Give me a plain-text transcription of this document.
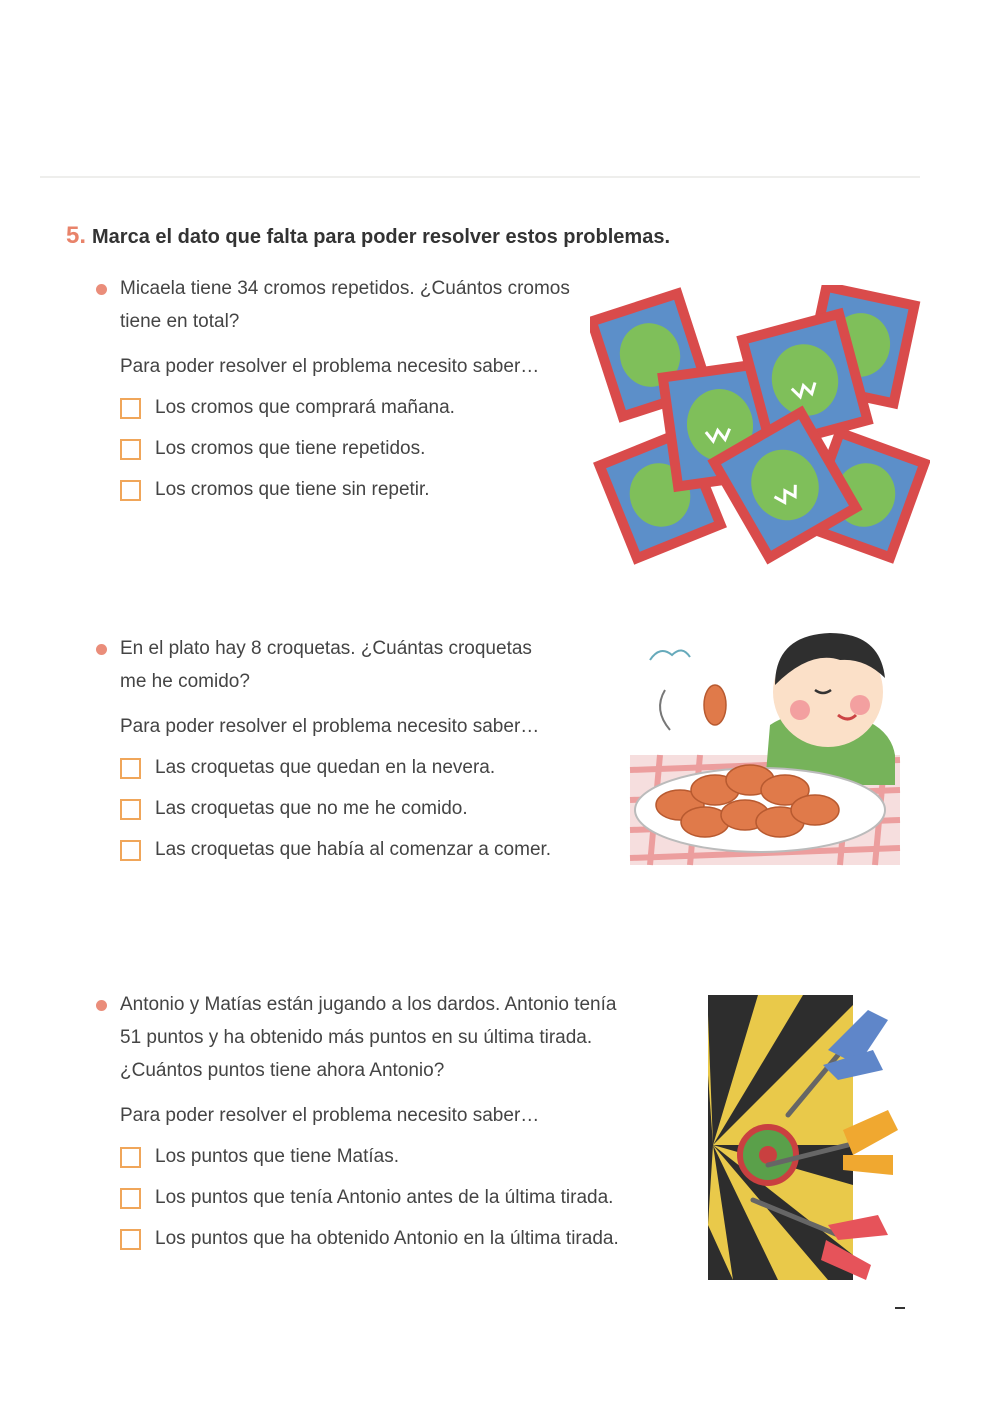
5. Marca el dato que falta para poder resolver estos problemas.
Micaela tiene 34 cromos repetidos. ¿Cuántos cromos
tiene en total?
Para poder resolver el problema necesito saber…
Los cromos que comprará mañana.
Los cromos que tiene repetidos.
Los cromos que tiene sin repetir.
En el plato hay 8 croquetas. ¿Cuántas croquetas
me he comido?
Para poder resolver el problema necesito saber…
Las croquetas que quedan en la nevera.
Las croquetas que no me he comido.
Las croquetas que había al comenzar a comer.
Antonio y Matías están jugando a los dardos. Antonio tenía
51 puntos y ha obtenido más puntos en su última tirada.
¿Cuántos puntos tiene ahora Antonio?
Para poder resolver el problema necesito saber…
Los puntos que tiene Matías.
Los puntos que tenía Antonio antes de la última tirada.
Los puntos que ha obtenido Antonio en la última tirada.
